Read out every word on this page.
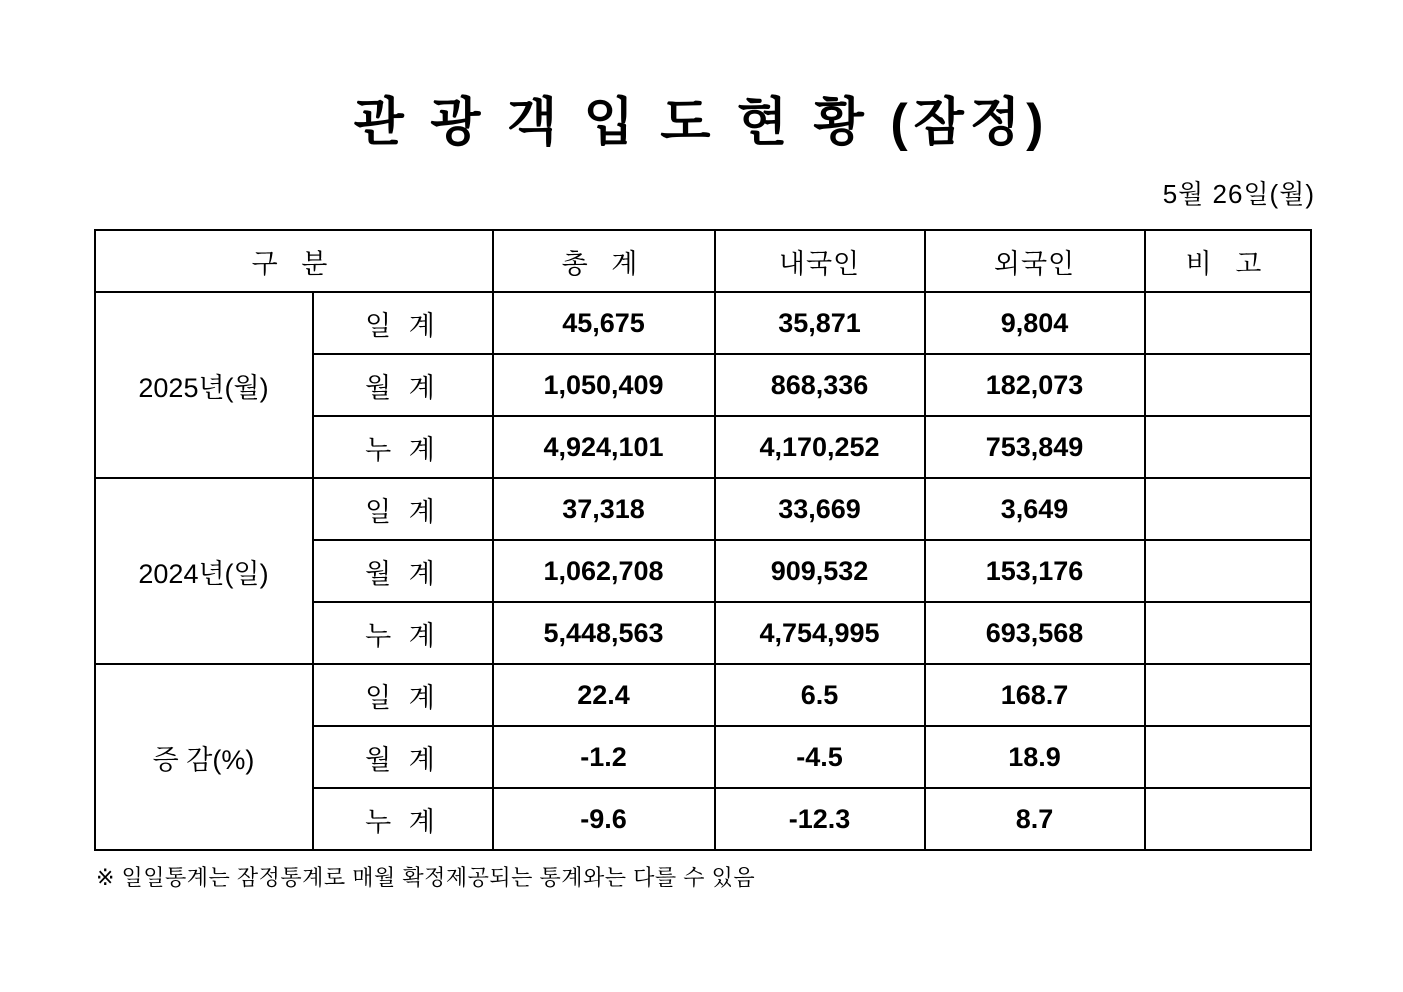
관 광 객 입 도 현 황 (잠정)
5월 26일(월)
구 분		총 계	내국인	외국인	비 고
2025년(월)	일 계	45,675	35,871	9,804	
	월 계	1,050,409	868,336	182,073	
	누 계	4,924,101	4,170,252	753,849	
2024년(일)	일 계	37,318	33,669	3,649	
	월 계	1,062,708	909,532	153,176	
	누 계	5,448,563	4,754,995	693,568	
증 감(%)	일 계	22.4	6.5	168.7	
	월 계	-1.2	-4.5	18.9	
	누 계	-9.6	-12.3	8.7	
※ 일일통계는 잠정통계로 매월 확정제공되는 통계와는 다를 수 있음
